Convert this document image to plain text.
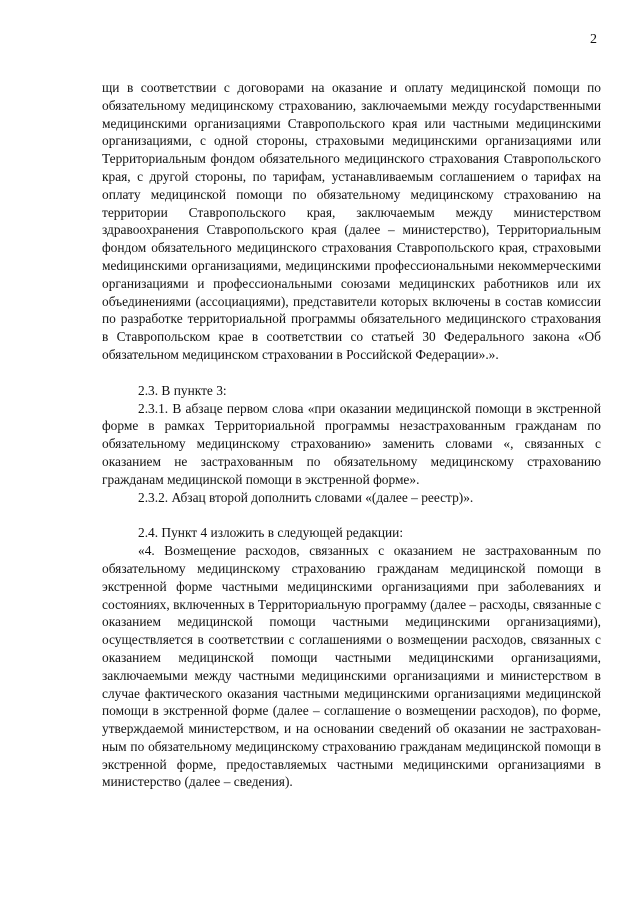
2

щи в соответствии с договорами на оказание и оплату медицинской помощи по обязательному медицинскому страхованию, заключаемыми между госуdарственными медицинскими организациями Ставропольского края или частными медицинскими организациями, с одной стороны, страховыми медицинскими организациями или Территориальным фондом обязательного медицинского страхования Ставропольского края, с другой стороны, по тарифам, устанавливаемым соглашением о тарифах на оплату медицинской помощи по обязательному медицинскому страхованию на территории Ставропольского края, заключаемым между министерством здравоохранения Ставропольского края (далее – министерство), Территориальным фондом обязательного медицинского страхования Ставропольского края, страховыми меdицинскими организациями, медицинскими профессиональными некоммерческими организациями и профессиональными союзами медицинских работников или их объединениями (ассоциациями), представители которых включены в состав комиссии по разработке территориальной программы обязательного медицинского страхования в Ставропольском крае в соответствии со статьей 30 Федерального закона «Об обязательном медицинском страховании в Российской Федерации».».

2.3. В пункте 3:

2.3.1. В абзаце первом слова «при оказании медицинской помощи в экстренной форме в рамках Территориальной программы незастрахованным гражданам по обязательному медицинскому страхованию» заменить словами «, связанных с оказанием не застрахованным по обязательному медицинскому страхованию гражданам медицинской помощи в экстренной форме».

2.3.2. Абзац второй дополнить словами «(далее – реестр)».

2.4. Пункт 4 изложить в следующей редакции:

«4. Возмещение расходов, связанных с оказанием не застрахованным по обязательному медицинскому страхованию гражданам медицинской помощи в экстренной форме частными медицинскими организациями при заболеваниях и состояниях, включенных в Территориальную программу (далее – расходы, связанные с оказанием медицинской помощи частными медицинскими организациями), осуществляется в соответствии с соглашениями о возмещении расходов, связанных с оказанием медицинской помощи частными медицинскими организациями, заключаемыми между частными медицинскими организациями и министерством в случае фактического оказания частными медицинскими организациями медицинской помощи в экстренной форме (далее – соглашение о возмещении расходов), по форме, утверждаемой министерством, и на основании сведений об оказании не застрахованным по обязательному медицинскому страхованию гражданам медицинской помощи в экстренной форме, предоставляемых частными медицинскими организациями в министерство (далее – сведения).
